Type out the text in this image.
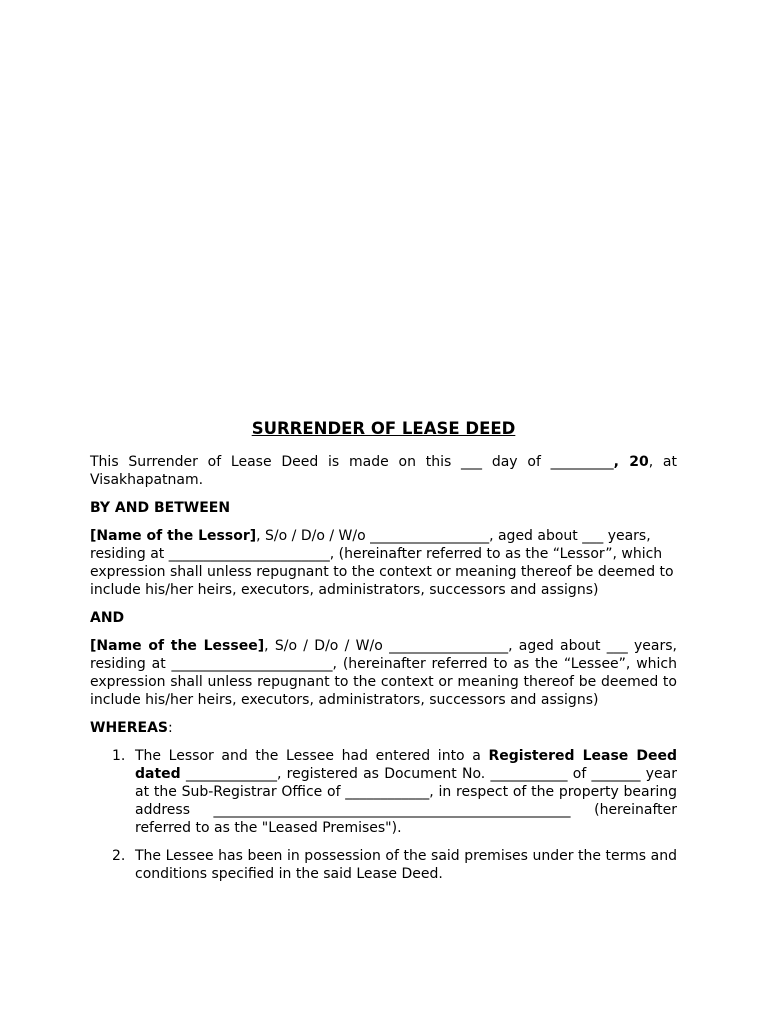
SURRENDER OF LEASE DEED

This Surrender of Lease Deed is made on this ___ day of _________, 20, at Visakhapatnam.

BY AND BETWEEN

[Name of the Lessor], S/o / D/o / W/o _________________, aged about ___ years, residing at _______________________, (hereinafter referred to as the “Lessor”, which expression shall unless repugnant to the context or meaning thereof be deemed to include his/her heirs, executors, administrators, successors and assigns)

AND

[Name of the Lessee], S/o / D/o / W/o _________________, aged about ___ years, residing at _______________________, (hereinafter referred to as the “Lessee”, which expression shall unless repugnant to the context or meaning thereof be deemed to include his/her heirs, executors, administrators, successors and assigns)

WHEREAS:

1. The Lessor and the Lessee had entered into a Registered Lease Deed dated _____________, registered as Document No. ___________ of _______ year at the Sub-Registrar Office of ____________, in respect of the property bearing address ___________________________________________________ (hereinafter referred to as the "Leased Premises").
2. The Lessee has been in possession of the said premises under the terms and conditions specified in the said Lease Deed.
